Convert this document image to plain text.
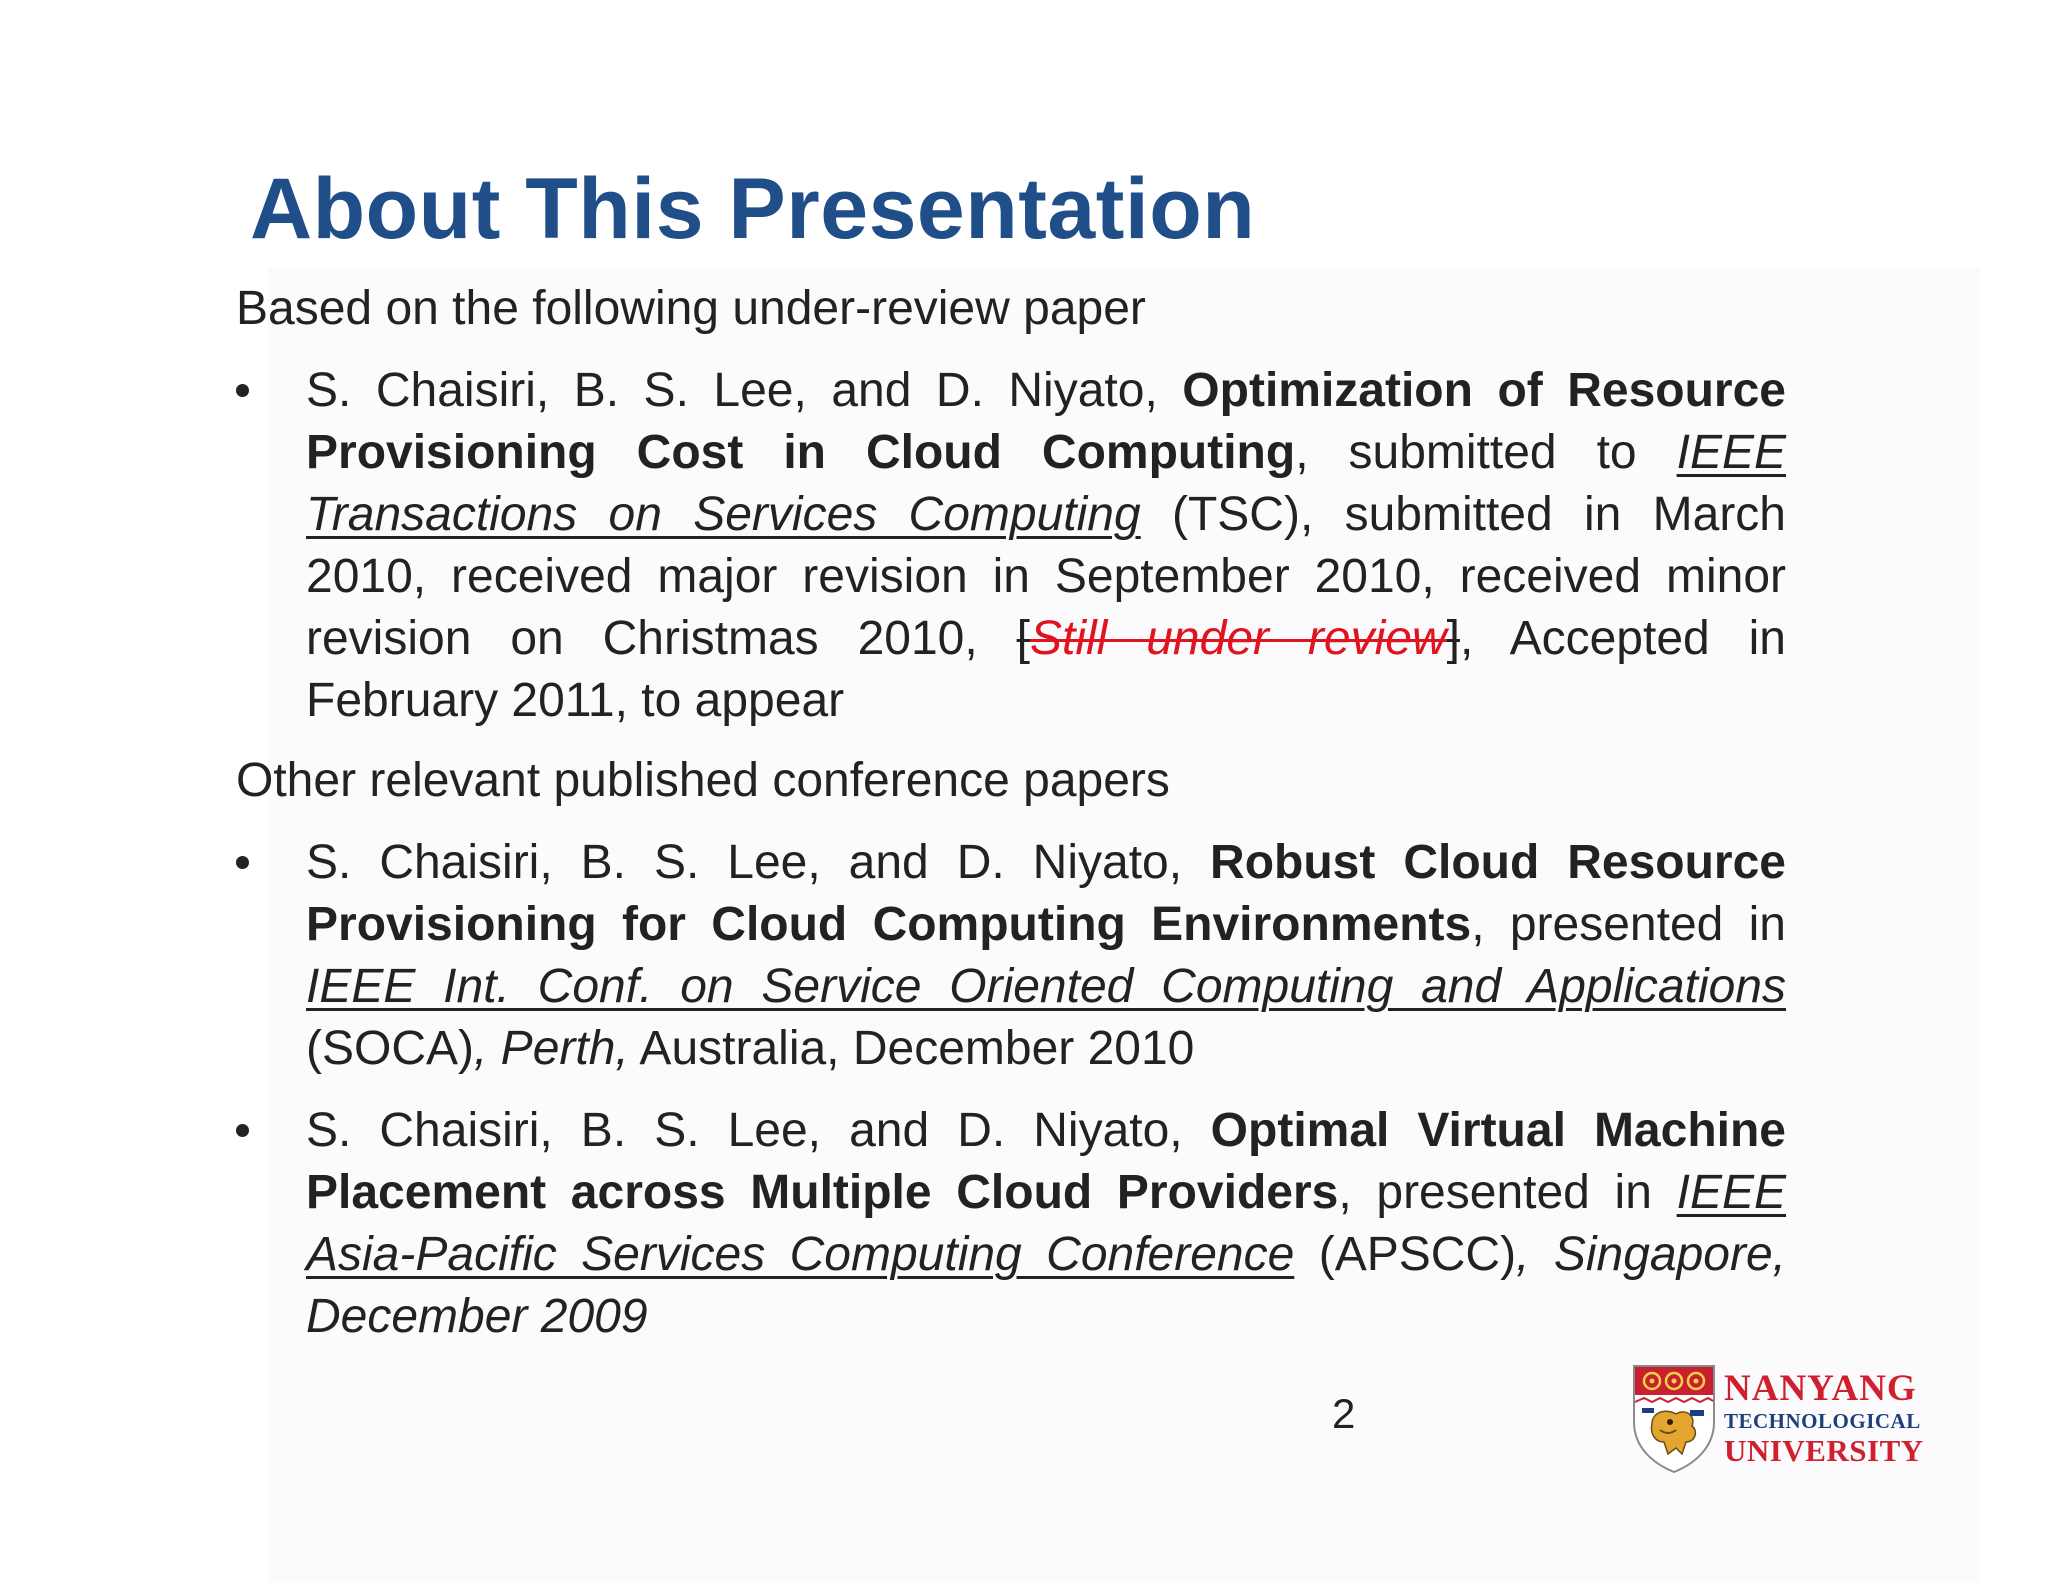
About This Presentation
Based on the following under-review paper
S. Chaisiri, B. S. Lee, and D. Niyato, Optimization of Resource Provisioning Cost in Cloud Computing, submitted to IEEE Transactions on Services Computing (TSC), submitted in March 2010, received major revision in September 2010, received minor revision on Christmas 2010, [Still under review], Accepted in February 2011, to appear
Other relevant published conference papers
S. Chaisiri, B. S. Lee, and D. Niyato, Robust Cloud Resource Provisioning for Cloud Computing Environments, presented in IEEE Int. Conf. on Service Oriented Computing and Applications (SOCA), Perth, Australia, December 2010
S. Chaisiri, B. S. Lee, and D. Niyato, Optimal Virtual Machine Placement across Multiple Cloud Providers, presented in IEEE Asia-Pacific Services Computing Conference (APSCC), Singapore, December 2009
2
NANYANG
TECHNOLOGICAL
UNIVERSITY
